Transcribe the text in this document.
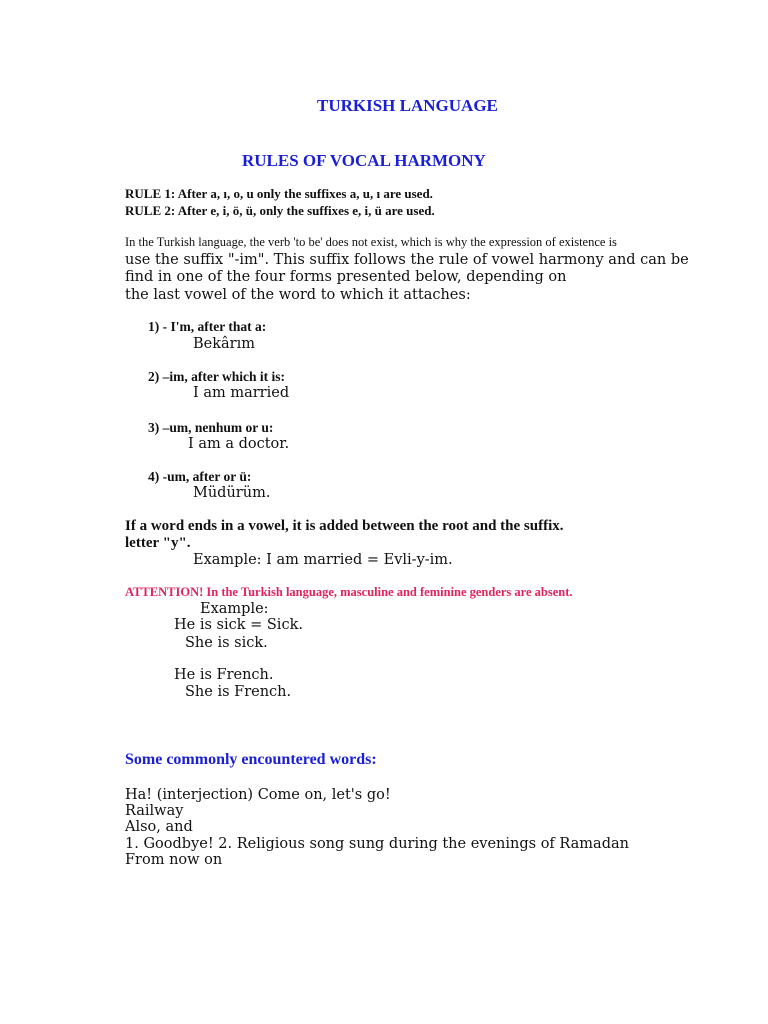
TURKISH LANGUAGE
RULES OF VOCAL HARMONY
RULE 1: After a, ı, o, u only the suffixes a, u, ı are used.
RULE 2: After e, i, ö, ü, only the suffixes e, i, ü are used.
In the Turkish language, the verb 'to be' does not exist, which is why the expression of existence is
use the suffix "-im". This suffix follows the rule of vowel harmony and can be
find in one of the four forms presented below, depending on
the last vowel of the word to which it attaches:
1) - I'm, after that a:
Bekârım
2) –im, after which it is:
I am married
3) –um, nenhum or u:
I am a doctor.
4) -um, after or ü:
Müdürüm.
If a word ends in a vowel, it is added between the root and the suffix.
letter "y".
Example: I am married = Evli-y-im.
ATTENTION! In the Turkish language, masculine and feminine genders are absent.
Example:
He is sick = Sick.
She is sick.
He is French.
She is French.
Some commonly encountered words:
Ha! (interjection) Come on, let's go!
Railway
Also, and
1. Goodbye! 2. Religious song sung during the evenings of Ramadan
From now on
